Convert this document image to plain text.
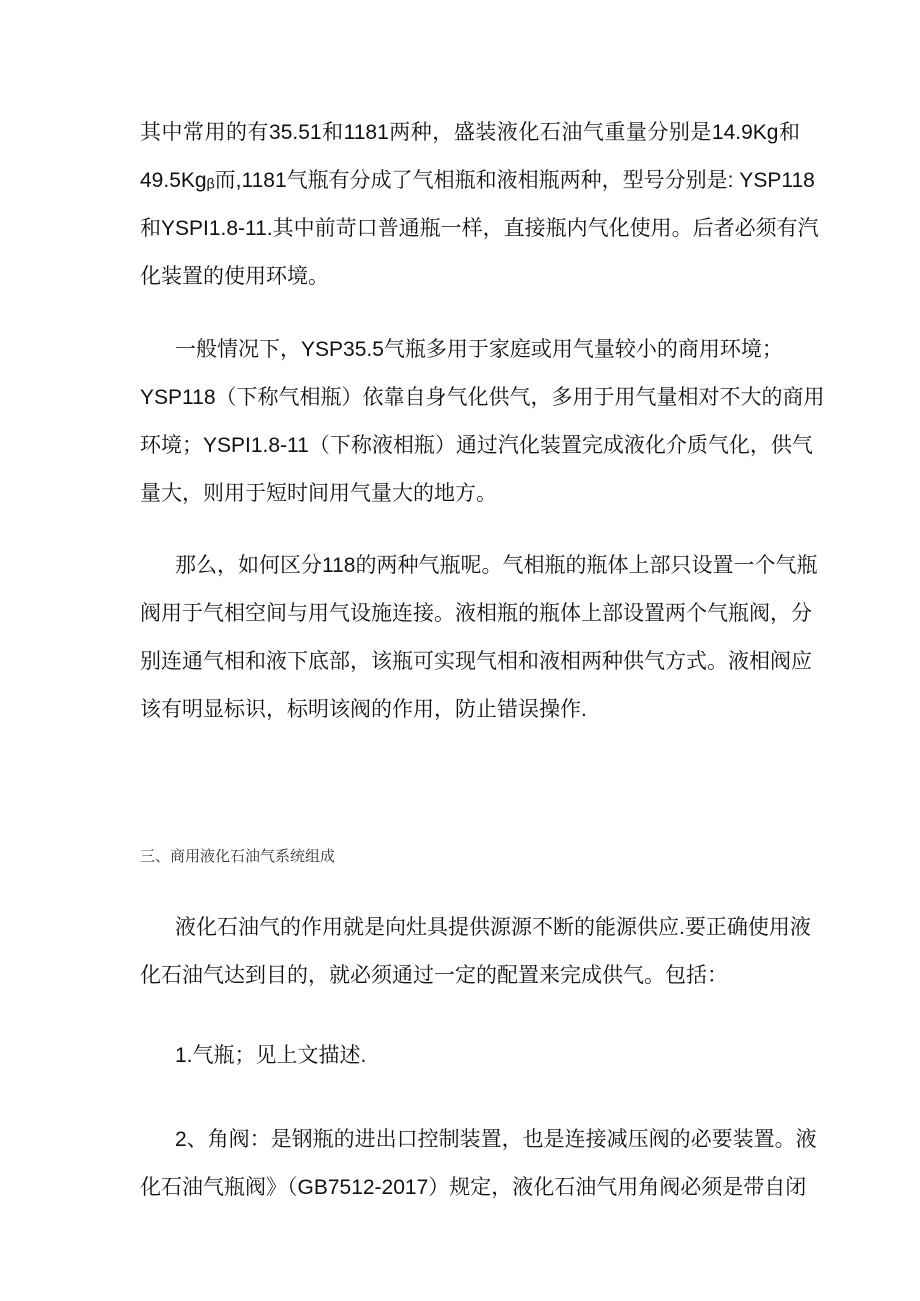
其中常用的有35.51和1181两种，盛装液化石油气重量分别是14.9Kg和
49.5Kgᵦ而,1181气瓶有分成了气相瓶和液相瓶两种，型号分别是: YSP118
和YSPI1.8-11.其中前苛口普通瓶一样，直接瓶内气化使用。后者必须有汽
化装置的使用环境。
一般情况下，YSP35.5气瓶多用于家庭或用气量较小的商用环境；
YSP118（下称气相瓶）依靠自身气化供气，多用于用气量相对不大的商用
环境；YSPI1.8-11（下称液相瓶）通过汽化装置完成液化介质气化，供气
量大，则用于短时间用气量大的地方。
那么，如何区分118的两种气瓶呢。气相瓶的瓶体上部只设置一个气瓶
阀用于气相空间与用气设施连接。液相瓶的瓶体上部设置两个气瓶阀，分
别连通气相和液下底部，该瓶可实现气相和液相两种供气方式。液相阀应
该有明显标识，标明该阀的作用，防止错误操作.
三、商用液化石油气系统组成
液化石油气的作用就是向灶具提供源源不断的能源供应.要正确使用液
化石油气达到目的，就必须通过一定的配置来完成供气。包括：
1.气瓶；见上文描述.
2、角阀：是钢瓶的进出口控制装置，也是连接减压阀的必要装置。液
化石油气瓶阀》（GB7512-2017）规定，液化石油气用角阀必须是带自闭
